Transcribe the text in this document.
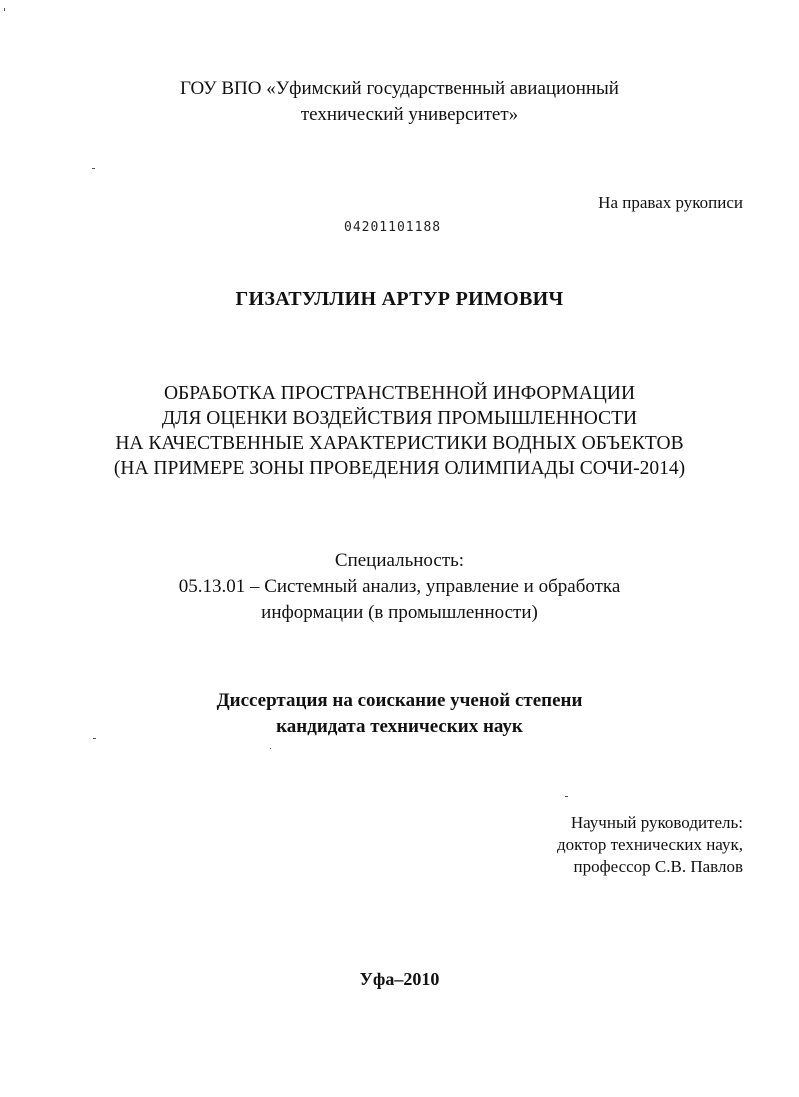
ГОУ ВПО «Уфимский государственный авиационный
технический университет»
На правах рукописи
04201101188
ГИЗАТУЛЛИН АРТУР РИМОВИЧ
ОБРАБОТКА ПРОСТРАНСТВЕННОЙ ИНФОРМАЦИИ
ДЛЯ ОЦЕНКИ ВОЗДЕЙСТВИЯ ПРОМЫШЛЕННОСТИ
НА КАЧЕСТВЕННЫЕ ХАРАКТЕРИСТИКИ ВОДНЫХ ОБЪЕКТОВ
(НА ПРИМЕРЕ ЗОНЫ ПРОВЕДЕНИЯ ОЛИМПИАДЫ СОЧИ-2014)
Специальность:
05.13.01 – Системный анализ, управление и обработка
информации (в промышленности)
Диссертация на соискание ученой степени
кандидата технических наук
Научный руководитель:
доктор технических наук,
профессор С.В. Павлов
Уфа–2010
